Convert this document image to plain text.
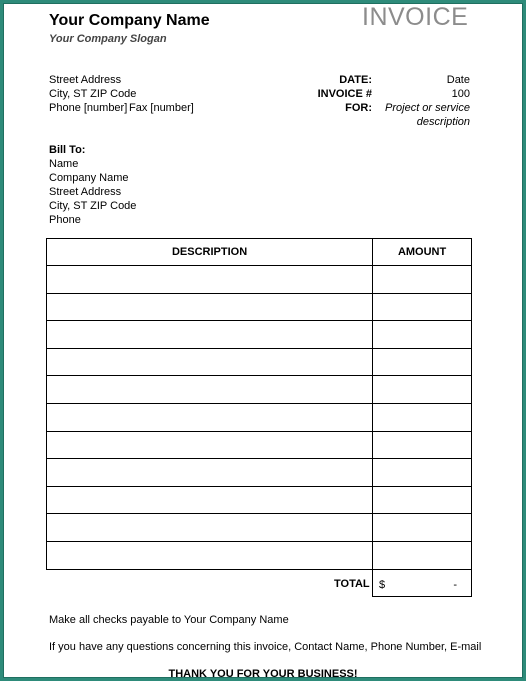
Your Company Name
Your Company Slogan
INVOICE
Street Address
City, ST ZIP Code
Phone [number] Fax [number]
DATE:	Date
INVOICE #	100
FOR:	Project or service
description
Bill To:
Name
Company Name
Street Address
City, ST ZIP Code
Phone
DESCRIPTION	AMOUNT

TOTAL $	-
Make all checks payable to Your Company Name
If you have any questions concerning this invoice, Contact Name, Phone Number, E-mail
THANK YOU FOR YOUR BUSINESS!
